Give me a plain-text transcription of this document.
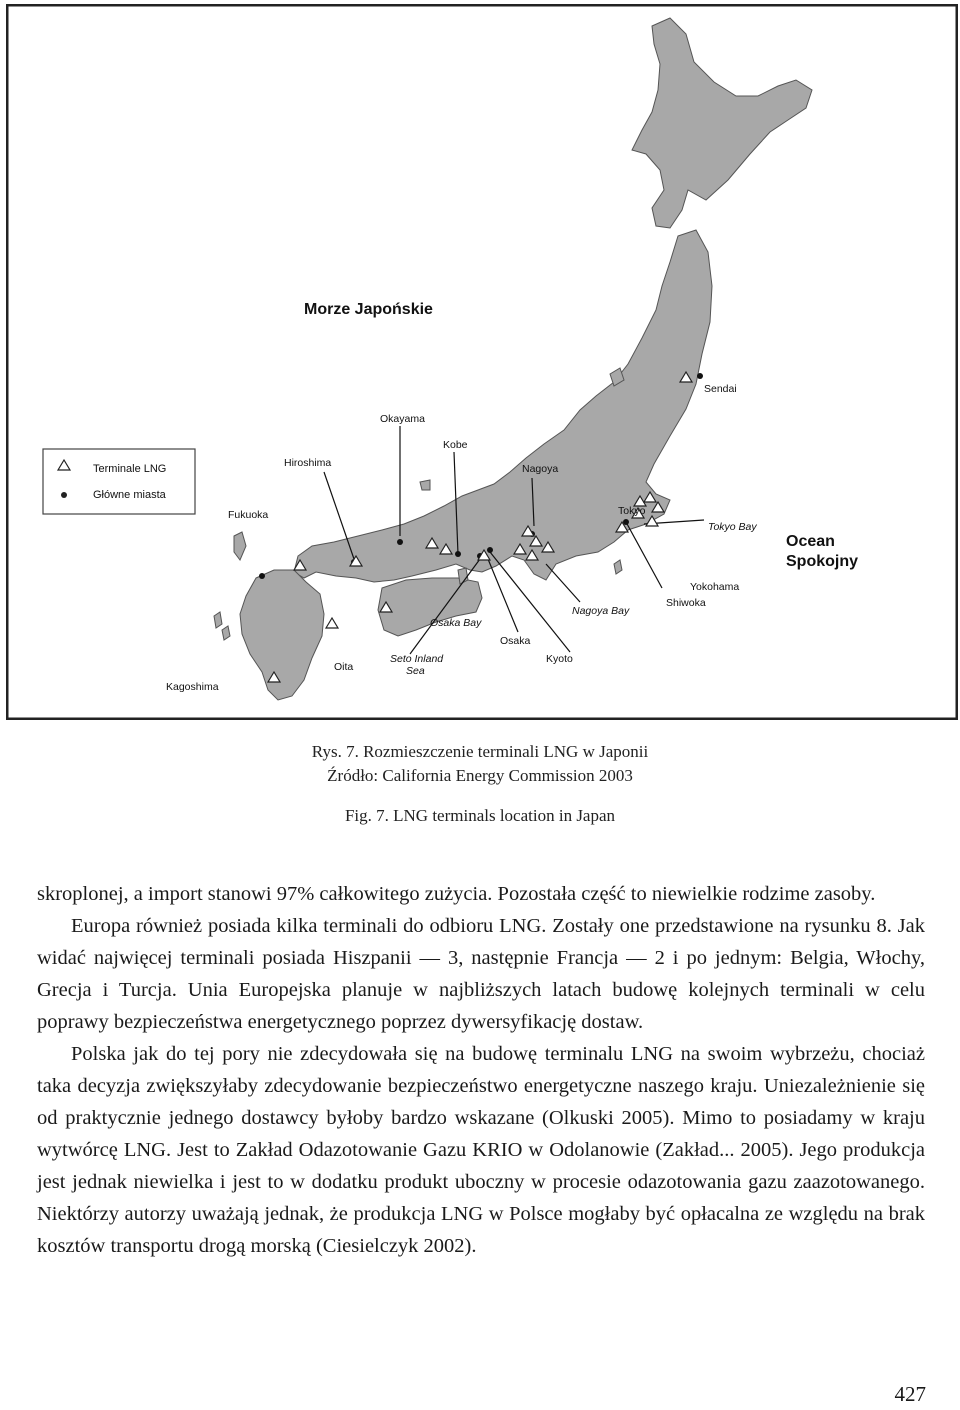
Terminale LNG
Główne miasta
Morze Japońskie
Ocean
Spokojny
Okayama
Kobe
Hiroshima
Fukuoka
Nagoya
Sendai
Tokyo
Tokyo Bay
Yokohama
Shiwoka
Nagoya Bay
Osaka Bay
Osaka
Kyoto
Seto Inland
Sea
Oita
Kagoshima
Rys. 7. Rozmieszczenie terminali LNG w Japonii
Źródło: California Energy Commission 2003
Fig. 7. LNG terminals location in Japan

skroplonej, a import stanowi 97% całkowitego zużycia. Pozostała część to niewielkie rodzime zasoby.

Europa również posiada kilka terminali do odbioru LNG. Zostały one przedstawione na rysunku 8. Jak widać najwięcej terminali posiada Hiszpanii — 3, następnie Francja — 2 i po jednym: Belgia, Włochy, Grecja i Turcja. Unia Europejska planuje w najbliższych latach budowę kolejnych terminali w celu poprawy bezpieczeństwa energetycznego poprzez dywersyfikację dostaw.

Polska jak do tej pory nie zdecydowała się na budowę terminalu LNG na swoim wybrzeżu, chociaż taka decyzja zwiększyłaby zdecydowanie bezpieczeństwo energetyczne naszego kraju. Uniezależnienie się od praktycznie jednego dostawcy byłoby bardzo wskazane (Olkuski 2005). Mimo to posiadamy w kraju wytwórcę LNG. Jest to Zakład Odazotowanie Gazu KRIO w Odolanowie (Zakład... 2005). Jego produkcja jest jednak niewielka i jest to w dodatku produkt uboczny w procesie odazotowania gazu zaazotowanego. Niektórzy autorzy uważają jednak, że produkcja LNG w Polsce mogłaby być opłacalna ze względu na brak kosztów transportu drogą morską (Ciesielczyk 2002).

427
